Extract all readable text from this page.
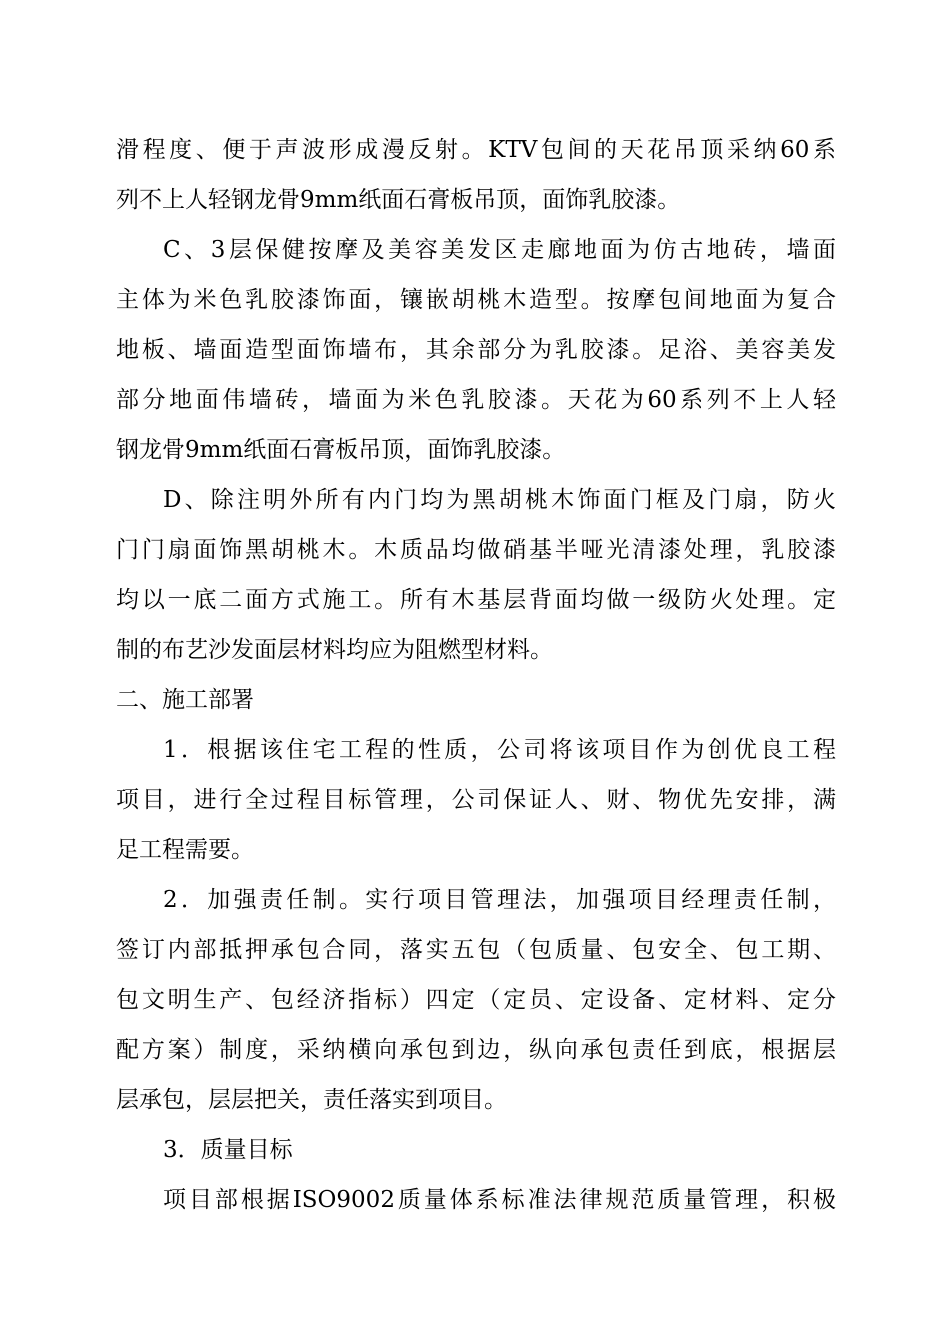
滑程度、便于声波形成漫反射。KTV包间的天花吊顶采纳60系
列不上人轻钢龙骨9mm纸面石膏板吊顶，面饰乳胶漆。
C、3层保健按摩及美容美发区走廊地面为仿古地砖，墙面
主体为米色乳胶漆饰面，镶嵌胡桃木造型。按摩包间地面为复合
地板、墙面造型面饰墙布，其余部分为乳胶漆。足浴、美容美发
部分地面伟墙砖，墙面为米色乳胶漆。天花为60系列不上人轻
钢龙骨9mm纸面石膏板吊顶，面饰乳胶漆。
D、除注明外所有内门均为黑胡桃木饰面门框及门扇，防火
门门扇面饰黑胡桃木。木质品均做硝基半哑光清漆处理，乳胶漆
均以一底二面方式施工。所有木基层背面均做一级防火处理。定
制的布艺沙发面层材料均应为阻燃型材料。
二、施工部署
1．根据该住宅工程的性质，公司将该项目作为创优良工程
项目，进行全过程目标管理，公司保证人、财、物优先安排，满
足工程需要。
2．加强责任制。实行项目管理法，加强项目经理责任制，
签订内部抵押承包合同，落实五包（包质量、包安全、包工期、
包文明生产、包经济指标）四定（定员、定设备、定材料、定分
配方案）制度，采纳横向承包到边，纵向承包责任到底，根据层
层承包，层层把关，责任落实到项目。
3．质量目标
项目部根据ISO9002质量体系标准法律规范质量管理，积极
